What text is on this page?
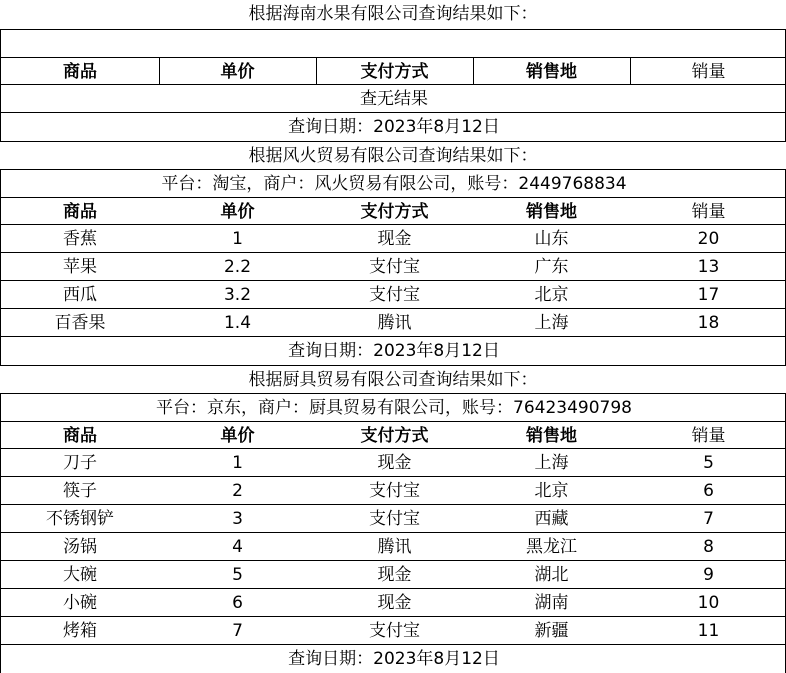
根据海南水果有限公司查询结果如下：
商品	单价	支付方式	销售地	销量
查无结果
查询日期：2023年8月12日
根据风火贸易有限公司查询结果如下：
平台：淘宝，商户：风火贸易有限公司，账号：2449768834
商品	单价	支付方式	销售地	销量
香蕉	1	现金	山东	20
苹果	2.2	支付宝	广东	13
西瓜	3.2	支付宝	北京	17
百香果	1.4	腾讯	上海	18
查询日期：2023年8月12日
根据厨具贸易有限公司查询结果如下：
平台：京东，商户：厨具贸易有限公司，账号：76423490798
商品	单价	支付方式	销售地	销量
刀子	1	现金	上海	5
筷子	2	支付宝	北京	6
不锈钢铲	3	支付宝	西藏	7
汤锅	4	腾讯	黑龙江	8
大碗	5	现金	湖北	9
小碗	6	现金	湖南	10
烤箱	7	支付宝	新疆	11
查询日期：2023年8月12日
